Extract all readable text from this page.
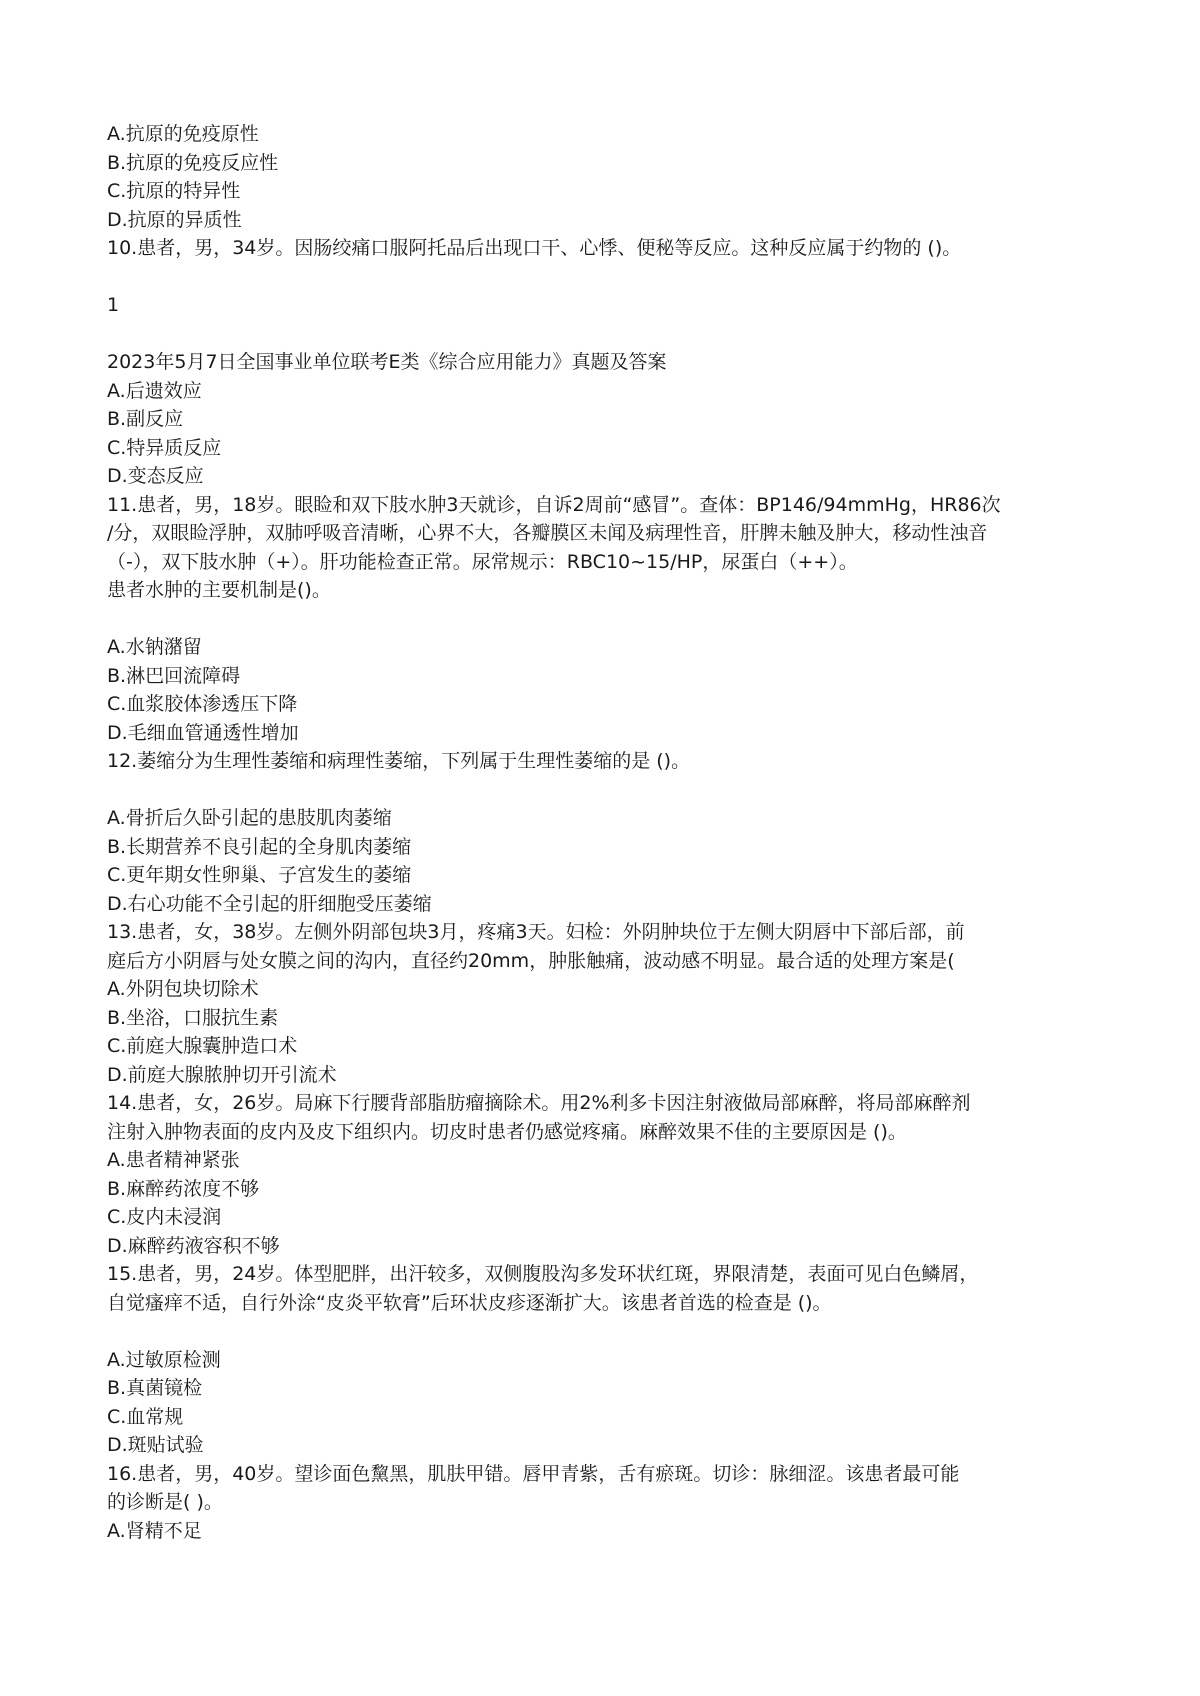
A.抗原的免疫原性
B.抗原的免疫反应性
C.抗原的特异性
D.抗原的异质性
10.患者，男，34岁。因肠绞痛口服阿托品后出现口干、心悸、便秘等反应。这种反应属于约物的 ()。
1
2023年5月7日全国事业单位联考E类《综合应用能力》真题及答案
A.后遗效应
B.副反应
C.特异质反应
D.变态反应
11.患者，男，18岁。眼睑和双下肢水肿3天就诊，自诉2周前“感冒”。查体：BP146/94mmHg，HR86次
/分，双眼睑浮肿，双肺呼吸音清晰，心界不大，各瓣膜区未闻及病理性音，肝脾未触及肿大，移动性浊音
（-），双下肢水肿（+）。肝功能检查正常。尿常规示：RBC10~15/HP，尿蛋白（++）。
患者水肿的主要机制是()。
A.水钠潴留
B.淋巴回流障碍
C.血浆胶体渗透压下降
D.毛细血管通透性增加
12.萎缩分为生理性萎缩和病理性萎缩，下列属于生理性萎缩的是 ()。
A.骨折后久卧引起的患肢肌肉萎缩
B.长期营养不良引起的全身肌肉萎缩
C.更年期女性卵巢、子宫发生的萎缩
D.右心功能不全引起的肝细胞受压萎缩
13.患者，女，38岁。左侧外阴部包块3月，疼痛3天。妇检：外阴肿块位于左侧大阴唇中下部后部，前
庭后方小阴唇与处女膜之间的沟内，直径约20mm，肿胀触痛，波动感不明显。最合适的处理方案是(
A.外阴包块切除术
B.坐浴，口服抗生素
C.前庭大腺囊肿造口术
D.前庭大腺脓肿切开引流术
14.患者，女，26岁。局麻下行腰背部脂肪瘤摘除术。用2%利多卡因注射液做局部麻醉，将局部麻醉剂
注射入肿物表面的皮内及皮下组织内。切皮时患者仍感觉疼痛。麻醉效果不佳的主要原因是 ()。
A.患者精神紧张
B.麻醉药浓度不够
C.皮内未浸润
D.麻醉药液容积不够
15.患者，男，24岁。体型肥胖，出汗较多，双侧腹股沟多发环状红斑，界限清楚，表面可见白色鳞屑，
自觉瘙痒不适，自行外涂“皮炎平软膏”后环状皮疹逐渐扩大。该患者首选的检查是 ()。
A.过敏原检测
B.真菌镜检
C.血常规
D.斑贴试验
16.患者，男，40岁。望诊面色黧黑，肌肤甲错。唇甲青紫，舌有瘀斑。切诊：脉细涩。该患者最可能
的诊断是( )。
A.肾精不足
